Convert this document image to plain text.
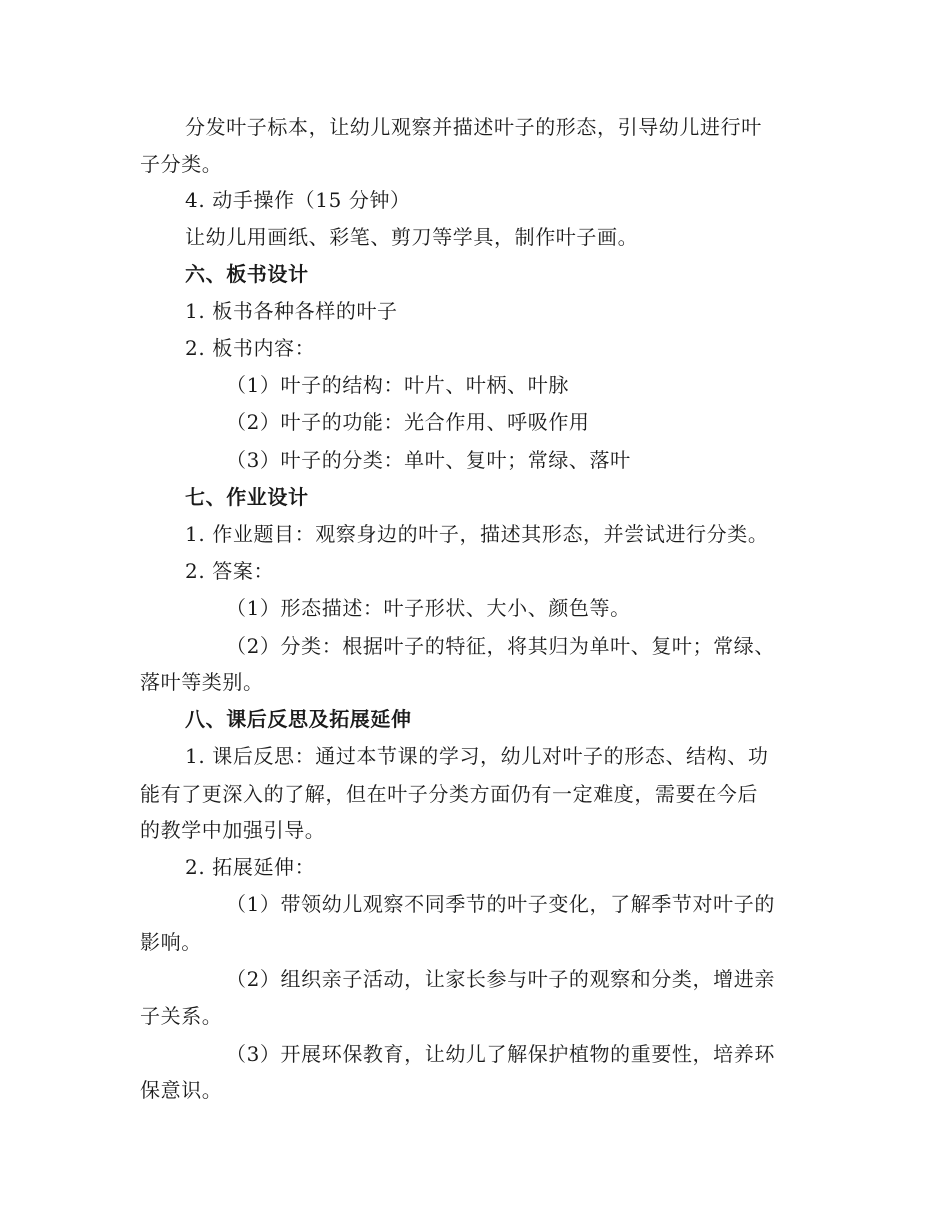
分发叶子标本，让幼儿观察并描述叶子的形态，引导幼儿进行叶
子分类。
4. 动手操作（15 分钟）
让幼儿用画纸、彩笔、剪刀等学具，制作叶子画。
六、板书设计
1. 板书各种各样的叶子
2. 板书内容：
（1）叶子的结构：叶片、叶柄、叶脉
（2）叶子的功能：光合作用、呼吸作用
（3）叶子的分类：单叶、复叶；常绿、落叶
七、作业设计
1. 作业题目：观察身边的叶子，描述其形态，并尝试进行分类。
2. 答案：
（1）形态描述：叶子形状、大小、颜色等。
（2）分类：根据叶子的特征，将其归为单叶、复叶；常绿、
落叶等类别。
八、课后反思及拓展延伸
1. 课后反思：通过本节课的学习，幼儿对叶子的形态、结构、功
能有了更深入的了解，但在叶子分类方面仍有一定难度，需要在今后
的教学中加强引导。
2. 拓展延伸：
（1）带领幼儿观察不同季节的叶子变化，了解季节对叶子的
影响。
（2）组织亲子活动，让家长参与叶子的观察和分类，增进亲
子关系。
（3）开展环保教育，让幼儿了解保护植物的重要性，培养环
保意识。
